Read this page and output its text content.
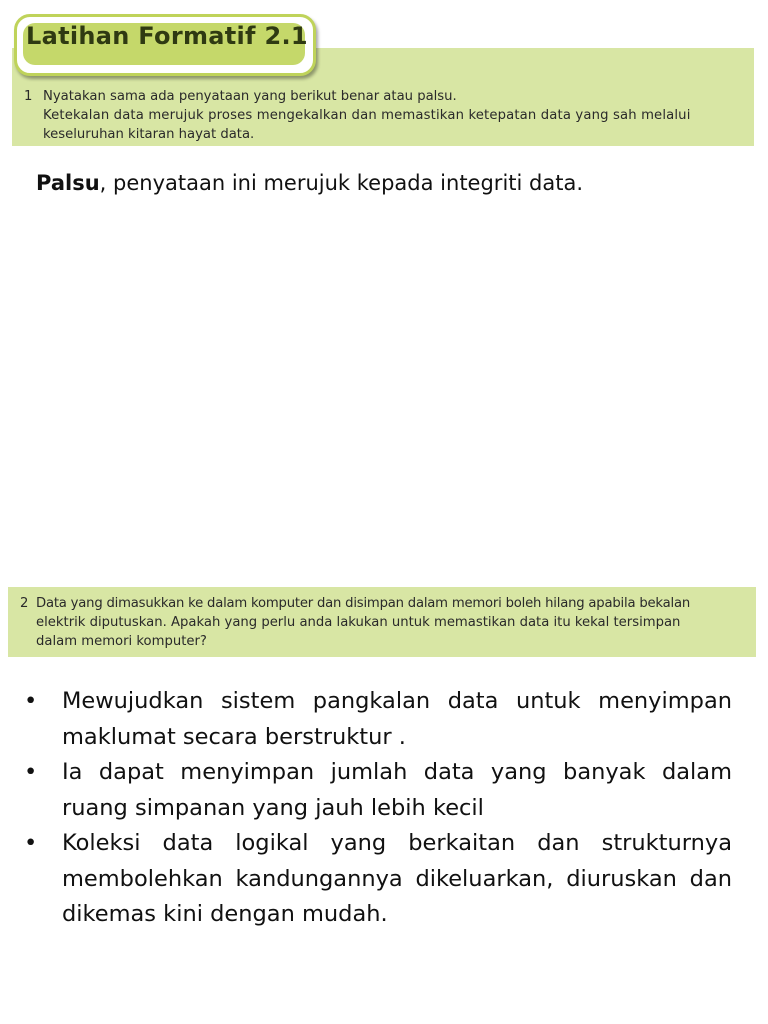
Latihan Formatif 2.1
1 Nyatakan sama ada penyataan yang berikut benar atau palsu.
Ketekalan data merujuk proses mengekalkan dan memastikan ketepatan data yang sah melalui
keseluruhan kitaran hayat data.
Palsu, penyataan ini merujuk kepada integriti data.
2 Data yang dimasukkan ke dalam komputer dan disimpan dalam memori boleh hilang apabila bekalan
elektrik diputuskan. Apakah yang perlu anda lakukan untuk memastikan data itu kekal tersimpan
dalam memori komputer?
• Mewujudkan sistem pangkalan data untuk menyimpan maklumat secara berstruktur .
• Ia dapat menyimpan jumlah data yang banyak dalam ruang simpanan yang jauh lebih kecil
• Koleksi data logikal yang berkaitan dan strukturnya membolehkan kandungannya dikeluarkan, diuruskan dan dikemas kini dengan mudah.
